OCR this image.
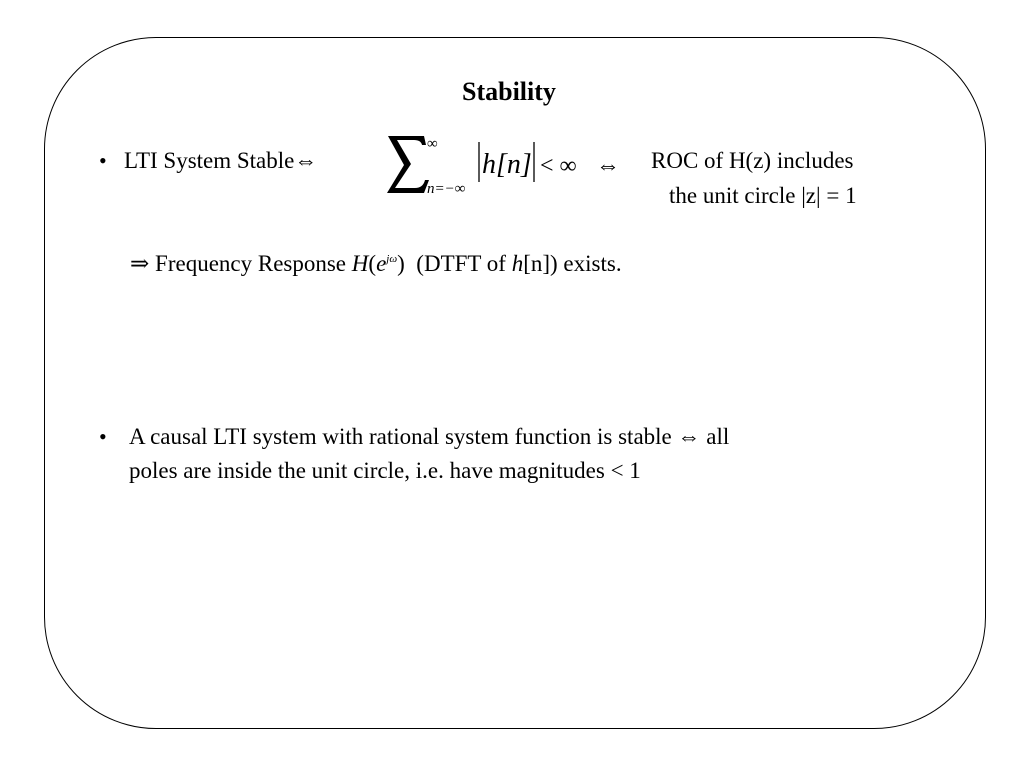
Stability
• LTI System Stable⇔
∞
n=−∞
h[n] < ∞ ⇔ ROC of H(z) includes
the unit circle |z| = 1
⇒ Frequency Response $H(e^{j\omega})$  (DTFT of h[n]) exists.
• A causal LTI system with rational system function is stable ⇔ all
poles are inside the unit circle, i.e. have magnitudes < 1
